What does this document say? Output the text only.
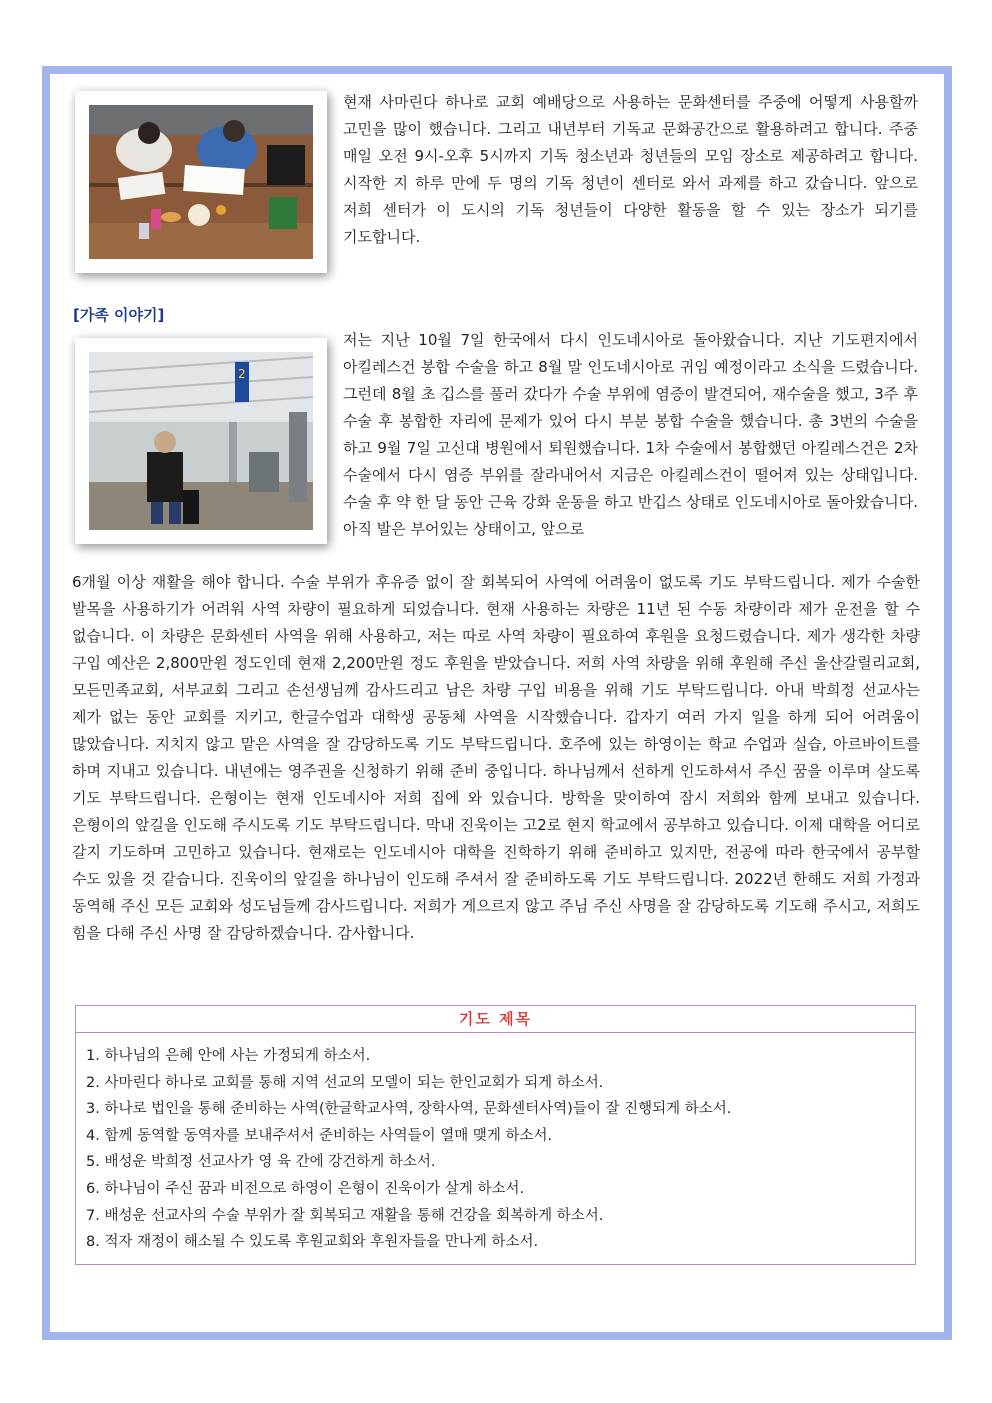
현재 사마린다 하나로 교회 예배당으로 사용하는 문화센터를 주중에 어떻게 사용할까 고민을 많이 했습니다. 그리고 내년부터 기독교 문화공간으로 활용하려고 합니다. 주중 매일 오전 9시-오후 5시까지 기독 청소년과 청년들의 모임 장소로 제공하려고 합니다. 시작한 지 하루 만에 두 명의 기독 청년이 센터로 와서 과제를 하고 갔습니다. 앞으로 저희 센터가 이 도시의 기독 청년들이 다양한 활동을 할 수 있는 장소가 되기를 기도합니다.

[가족 이야기]
2

저는 지난 10월 7일 한국에서 다시 인도네시아로 돌아왔습니다. 지난 기도편지에서 아킬레스건 봉합 수술을 하고 8월 말 인도네시아로 귀임 예정이라고 소식을 드렸습니다. 그런데 8월 초 깁스를 풀러 갔다가 수술 부위에 염증이 발견되어, 재수술을 했고, 3주 후 수술 후 봉합한 자리에 문제가 있어 다시 부분 봉합 수술을 했습니다. 총 3번의 수술을 하고 9월 7일 고신대 병원에서 퇴원했습니다. 1차 수술에서 봉합했던 아킬레스건은 2차 수술에서 다시 염증 부위를 잘라내어서 지금은 아킬레스건이 떨어져 있는 상태입니다. 수술 후 약 한 달 동안 근육 강화 운동을 하고 반깁스 상태로 인도네시아로 돌아왔습니다. 아직 발은 부어있는 상태이고, 앞으로

6개월 이상 재활을 해야 합니다. 수술 부위가 후유증 없이 잘 회복되어 사역에 어려움이 없도록 기도 부탁드립니다. 제가 수술한 발목을 사용하기가 어려워 사역 차량이 필요하게 되었습니다. 현재 사용하는 차량은 11년 된 수동 차량이라 제가 운전을 할 수 없습니다. 이 차량은 문화센터 사역을 위해 사용하고, 저는 따로 사역 차량이 필요하여 후원을 요청드렸습니다. 제가 생각한 차량 구입 예산은 2,800만원 정도인데 현재 2,200만원 정도 후원을 받았습니다. 저희 사역 차량을 위해 후원해 주신 울산갈릴리교회, 모든민족교회, 서부교회 그리고 손선생님께 감사드리고 남은 차량 구입 비용을 위해 기도 부탁드립니다. 아내 박희정 선교사는 제가 없는 동안 교회를 지키고, 한글수업과 대학생 공동체 사역을 시작했습니다. 갑자기 여러 가지 일을 하게 되어 어려움이 많았습니다. 지치지 않고 맡은 사역을 잘 감당하도록 기도 부탁드립니다. 호주에 있는 하영이는 학교 수업과 실습, 아르바이트를 하며 지내고 있습니다. 내년에는 영주권을 신청하기 위해 준비 중입니다. 하나님께서 선하게 인도하셔서 주신 꿈을 이루며 살도록 기도 부탁드립니다. 은형이는 현재 인도네시아 저희 집에 와 있습니다. 방학을 맞이하여 잠시 저희와 함께 보내고 있습니다. 은형이의 앞길을 인도해 주시도록 기도 부탁드립니다. 막내 진욱이는 고2로 현지 학교에서 공부하고 있습니다. 이제 대학을 어디로 갈지 기도하며 고민하고 있습니다. 현재로는 인도네시아 대학을 진학하기 위해 준비하고 있지만, 전공에 따라 한국에서 공부할 수도 있을 것 같습니다. 진욱이의 앞길을 하나님이 인도해 주셔서 잘 준비하도록 기도 부탁드립니다. 2022년 한해도 저희 가정과 동역해 주신 모든 교회와 성도님들께 감사드립니다. 저희가 게으르지 않고 주님 주신 사명을 잘 감당하도록 기도해 주시고, 저희도 힘을 다해 주신 사명 잘 감당하겠습니다. 감사합니다.

기도 제목
1. 하나님의 은혜 안에 사는 가정되게 하소서.
2. 사마린다 하나로 교회를 통해 지역 선교의 모델이 되는 한인교회가 되게 하소서.
3. 하나로 법인을 통해 준비하는 사역(한글학교사역, 장학사역, 문화센터사역)들이 잘 진행되게 하소서.
4. 함께 동역할 동역자를 보내주셔서 준비하는 사역들이 열매 맺게 하소서.
5. 배성운 박희정 선교사가 영 육 간에 강건하게 하소서.
6. 하나님이 주신 꿈과 비전으로 하영이 은형이 진욱이가 살게 하소서.
7. 배성운 선교사의 수술 부위가 잘 회복되고 재활을 통해 건강을 회복하게 하소서.
8. 적자 재정이 해소될 수 있도록 후원교회와 후원자들을 만나게 하소서.
